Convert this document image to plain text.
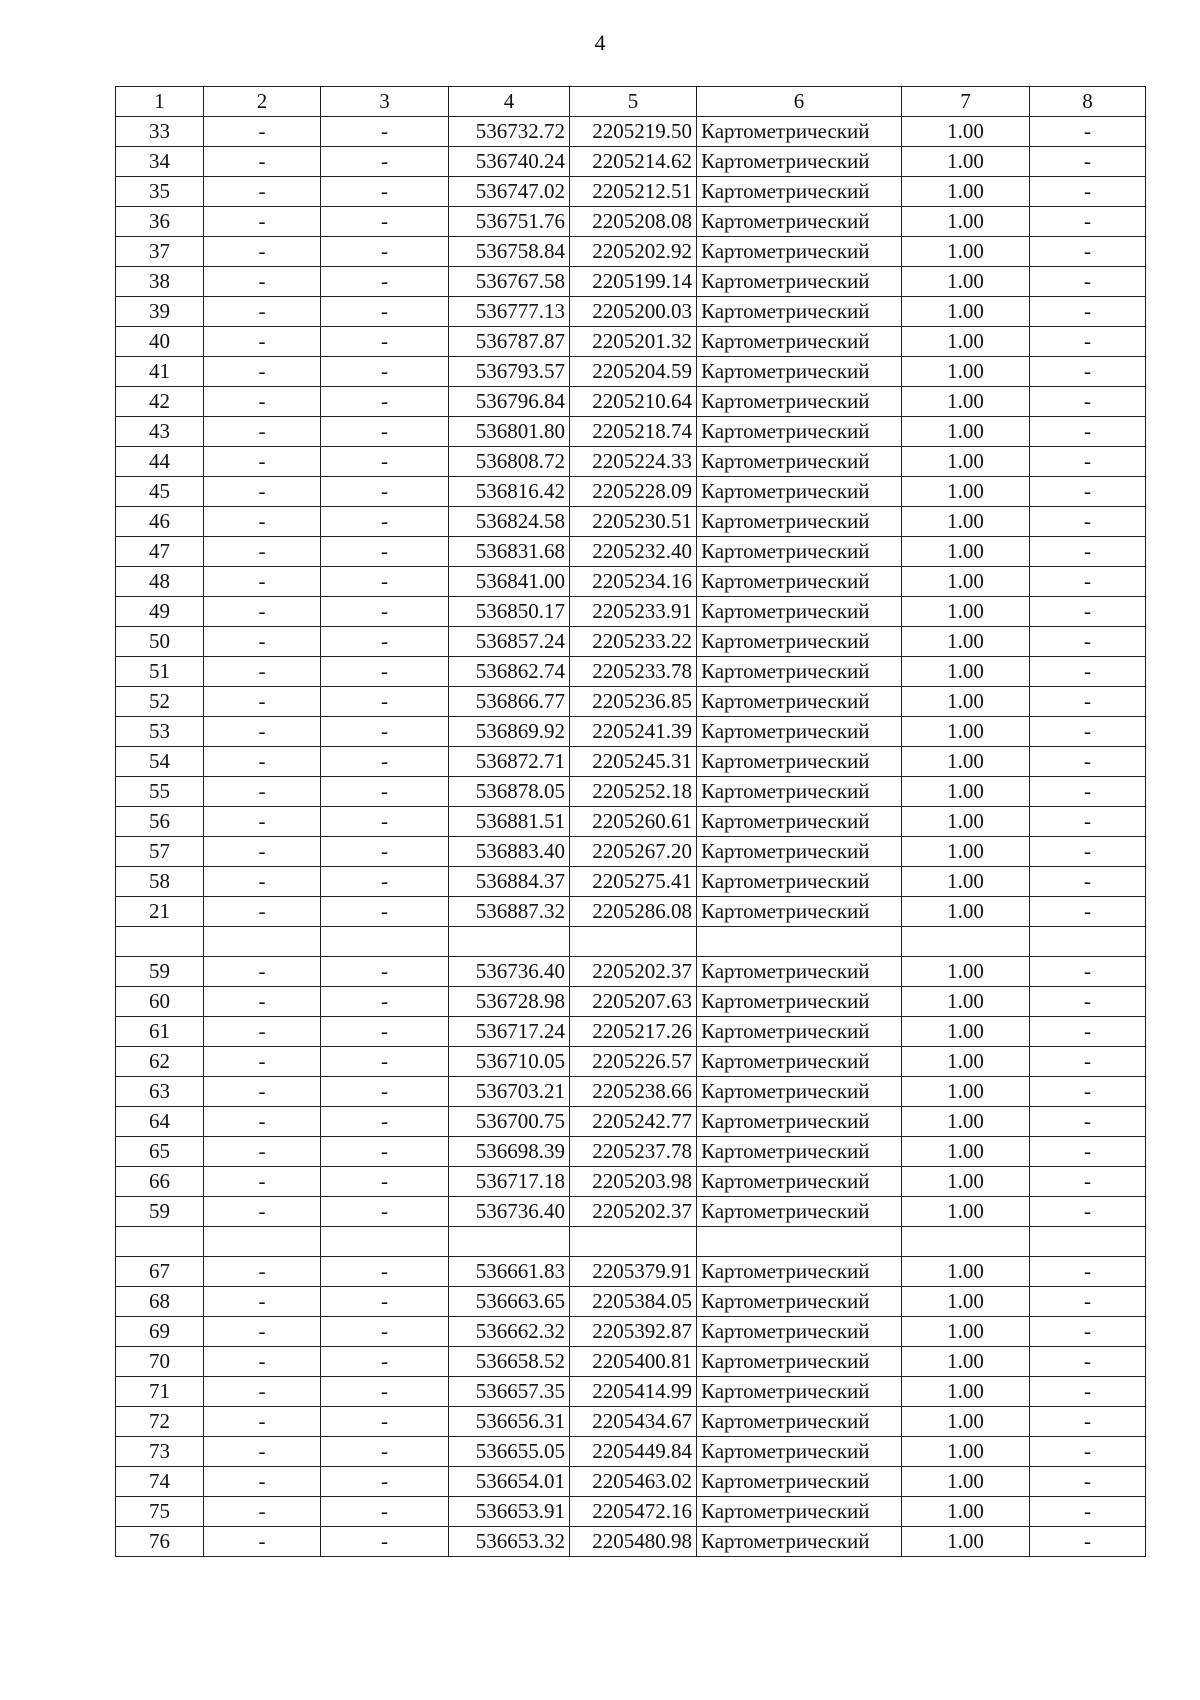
4
1	2	3	4	5	6	7	8
33	-	-	536732.72	2205219.50	Картометрический	1.00	-
34	-	-	536740.24	2205214.62	Картометрический	1.00	-
35	-	-	536747.02	2205212.51	Картометрический	1.00	-
36	-	-	536751.76	2205208.08	Картометрический	1.00	-
37	-	-	536758.84	2205202.92	Картометрический	1.00	-
38	-	-	536767.58	2205199.14	Картометрический	1.00	-
39	-	-	536777.13	2205200.03	Картометрический	1.00	-
40	-	-	536787.87	2205201.32	Картометрический	1.00	-
41	-	-	536793.57	2205204.59	Картометрический	1.00	-
42	-	-	536796.84	2205210.64	Картометрический	1.00	-
43	-	-	536801.80	2205218.74	Картометрический	1.00	-
44	-	-	536808.72	2205224.33	Картометрический	1.00	-
45	-	-	536816.42	2205228.09	Картометрический	1.00	-
46	-	-	536824.58	2205230.51	Картометрический	1.00	-
47	-	-	536831.68	2205232.40	Картометрический	1.00	-
48	-	-	536841.00	2205234.16	Картометрический	1.00	-
49	-	-	536850.17	2205233.91	Картометрический	1.00	-
50	-	-	536857.24	2205233.22	Картометрический	1.00	-
51	-	-	536862.74	2205233.78	Картометрический	1.00	-
52	-	-	536866.77	2205236.85	Картометрический	1.00	-
53	-	-	536869.92	2205241.39	Картометрический	1.00	-
54	-	-	536872.71	2205245.31	Картометрический	1.00	-
55	-	-	536878.05	2205252.18	Картометрический	1.00	-
56	-	-	536881.51	2205260.61	Картометрический	1.00	-
57	-	-	536883.40	2205267.20	Картометрический	1.00	-
58	-	-	536884.37	2205275.41	Картометрический	1.00	-
21	-	-	536887.32	2205286.08	Картометрический	1.00	-

59	-	-	536736.40	2205202.37	Картометрический	1.00	-
60	-	-	536728.98	2205207.63	Картометрический	1.00	-
61	-	-	536717.24	2205217.26	Картометрический	1.00	-
62	-	-	536710.05	2205226.57	Картометрический	1.00	-
63	-	-	536703.21	2205238.66	Картометрический	1.00	-
64	-	-	536700.75	2205242.77	Картометрический	1.00	-
65	-	-	536698.39	2205237.78	Картометрический	1.00	-
66	-	-	536717.18	2205203.98	Картометрический	1.00	-
59	-	-	536736.40	2205202.37	Картометрический	1.00	-

67	-	-	536661.83	2205379.91	Картометрический	1.00	-
68	-	-	536663.65	2205384.05	Картометрический	1.00	-
69	-	-	536662.32	2205392.87	Картометрический	1.00	-
70	-	-	536658.52	2205400.81	Картометрический	1.00	-
71	-	-	536657.35	2205414.99	Картометрический	1.00	-
72	-	-	536656.31	2205434.67	Картометрический	1.00	-
73	-	-	536655.05	2205449.84	Картометрический	1.00	-
74	-	-	536654.01	2205463.02	Картометрический	1.00	-
75	-	-	536653.91	2205472.16	Картометрический	1.00	-
76	-	-	536653.32	2205480.98	Картометрический	1.00	-
